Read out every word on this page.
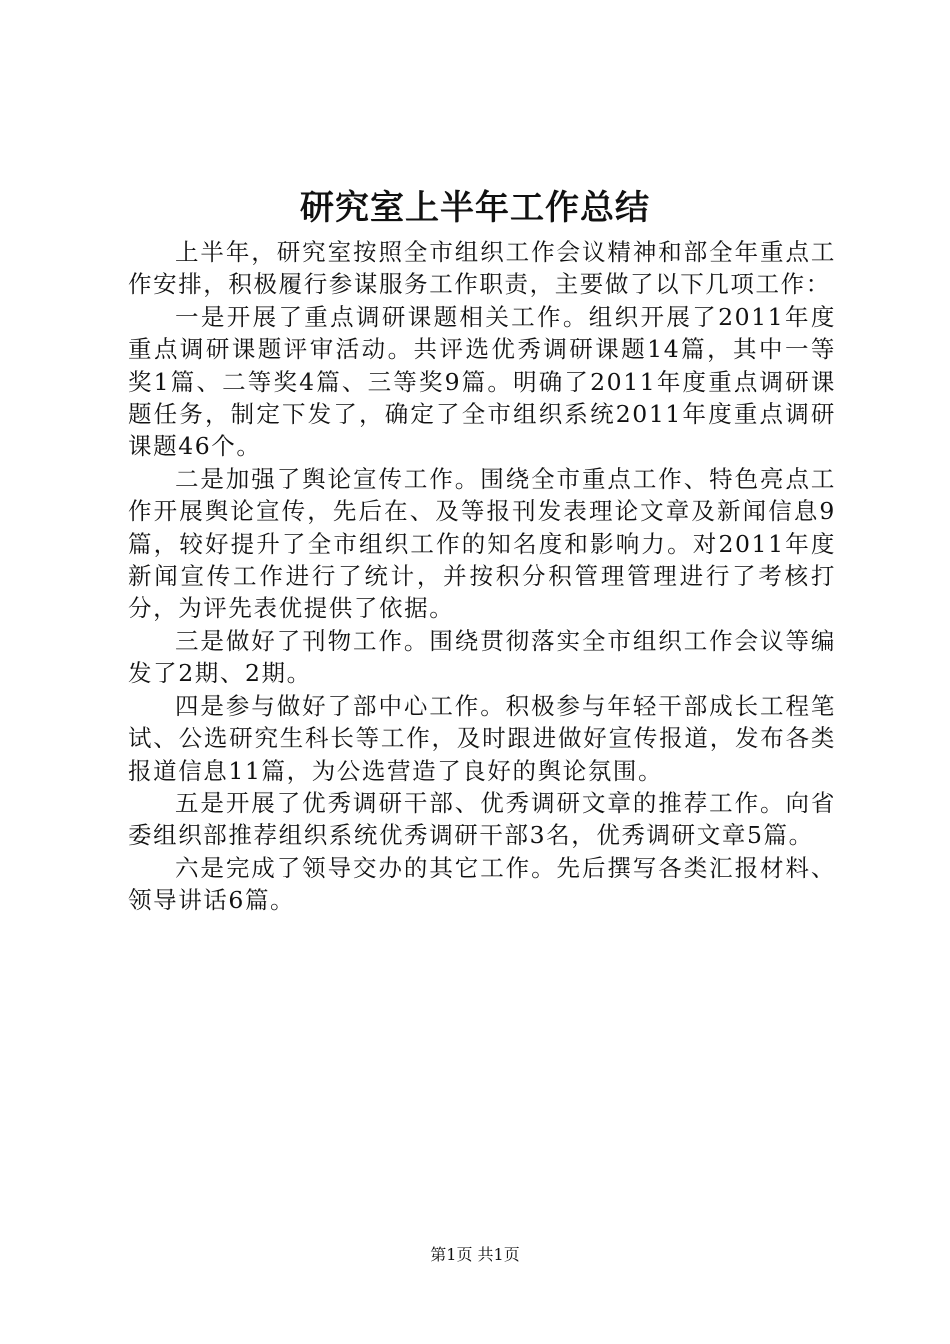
研究室上半年工作总结

上半年，研究室按照全市组织工作会议精神和部全年重点工作安排，积极履行参谋服务工作职责，主要做了以下几项工作：

一是开展了重点调研课题相关工作。组织开展了2011年度重点调研课题评审活动。共评选优秀调研课题14篇，其中一等奖1篇、二等奖4篇、三等奖9篇。明确了2011年度重点调研课题任务，制定下发了，确定了全市组织系统2011年度重点调研课题46个。

二是加强了舆论宣传工作。围绕全市重点工作、特色亮点工作开展舆论宣传，先后在、及等报刊发表理论文章及新闻信息9篇，较好提升了全市组织工作的知名度和影响力。对2011年度新闻宣传工作进行了统计，并按积分积管理管理进行了考核打分，为评先表优提供了依据。

三是做好了刊物工作。围绕贯彻落实全市组织工作会议等编发了2期、2期。

四是参与做好了部中心工作。积极参与年轻干部成长工程笔试、公选研究生科长等工作，及时跟进做好宣传报道，发布各类报道信息11篇，为公选营造了良好的舆论氛围。

五是开展了优秀调研干部、优秀调研文章的推荐工作。向省委组织部推荐组织系统优秀调研干部3名，优秀调研文章5篇。

六是完成了领导交办的其它工作。先后撰写各类汇报材料、领导讲话6篇。

第1页 共1页
